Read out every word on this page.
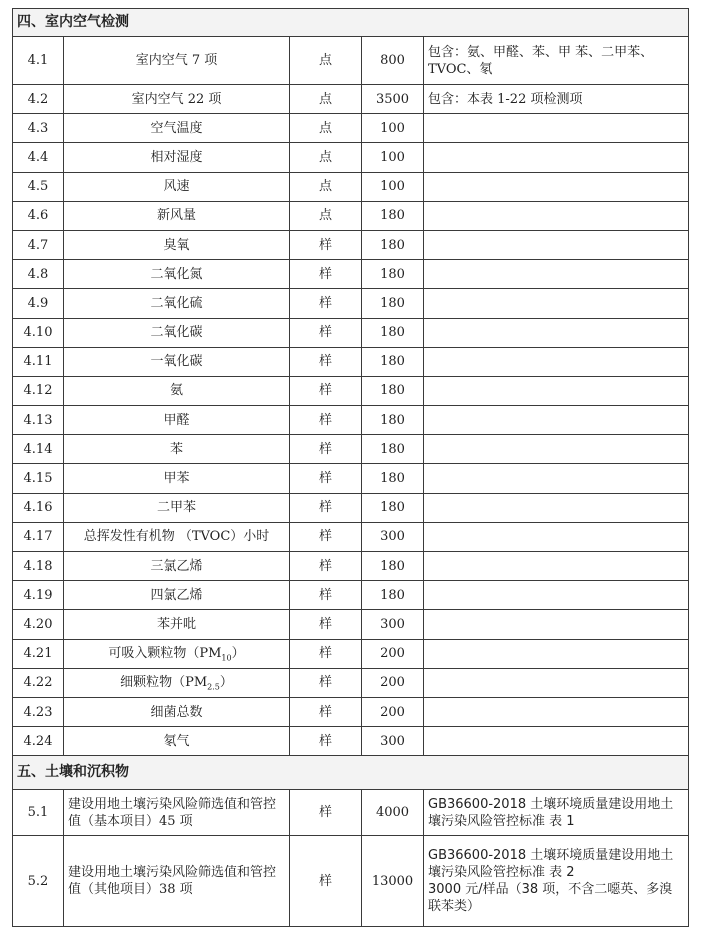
四、室内空气检测				
4.1	室内空气 7 项	点	800	包含：氨、甲醛、苯、甲 苯、二甲苯、TVOC、氡
4.2	室内空气 22 项	点	3500	包含：本表 1-22 项检测项
4.3	空气温度	点	100	
4.4	相对湿度	点	100	
4.5	风速	点	100	
4.6	新风量	点	180	
4.7	臭氧	样	180	
4.8	二氧化氮	样	180	
4.9	二氧化硫	样	180	
4.10	二氧化碳	样	180	
4.11	一氧化碳	样	180	
4.12	氨	样	180	
4.13	甲醛	样	180	
4.14	苯	样	180	
4.15	甲苯	样	180	
4.16	二甲苯	样	180	
4.17	总挥发性有机物 （TVOC）小时	样	300	
4.18	三氯乙烯	样	180	
4.19	四氯乙烯	样	180	
4.20	苯并吡	样	300	
4.21	可吸入颗粒物$(PM_{10})$	样	200	
4.22	细颗粒物$(PM_{2.5})$	样	200	
4.23	细菌总数	样	200	
4.24	氡气	样	300	
五、土壤和沉积物				
5.1	建设用地土壤污染风险筛选值和管控值（基本项目）45 项	样	4000	GB36600-2018 土壤环境质量建设用地土壤污染风险管控标准 表 1

5.2	建设用地土壤污染风险筛选值和管控值（其他项目）38 项	样	13000	GB36600-2018 土壤环境质量建设用地土壤污染风险管控标准 表 2
3000 元/样品（38 项，不含二噁英、多溴联苯类）
